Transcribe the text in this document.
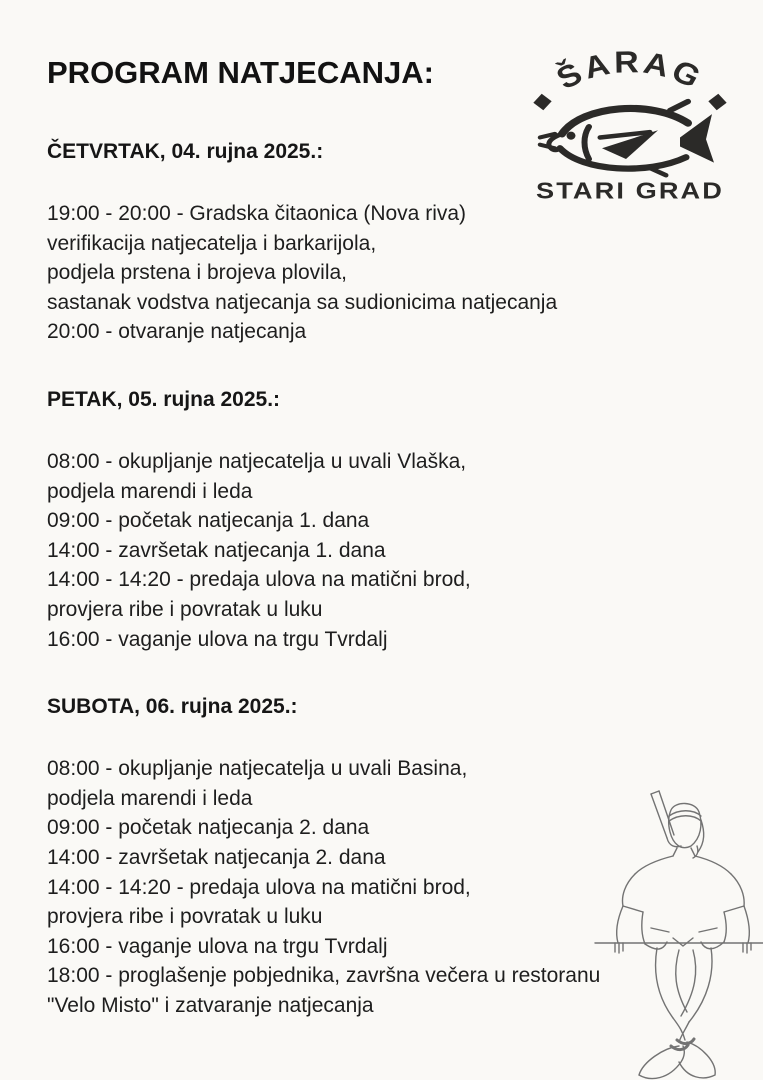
PROGRAM NATJECANJA:	ŠARAG
STARI GRAD
ČETVRTAK, 04. rujna 2025.:

19:00 - 20:00 - Gradska čitaonica (Nova riva)

verifikacija natjecatelja i barkarijola,

podjela prstena i brojeva plovila,

sastanak vodstva natjecanja sa sudionicima natjecanja

20:00 - otvaranje natjecanja

PETAK, 05. rujna 2025.:

08:00 - okupljanje natjecatelja u uvali Vlaška,

podjela marendi i leda

09:00 - početak natjecanja 1. dana

14:00 - završetak natjecanja 1. dana

14:00 - 14:20 - predaja ulova na matični brod,

provjera ribe i povratak u luku

16:00 - vaganje ulova na trgu Tvrdalj

SUBOTA, 06. rujna 2025.:

08:00 - okupljanje natjecatelja u uvali Basina,

podjela marendi i leda

09:00 - početak natjecanja 2. dana

14:00 - završetak natjecanja 2. dana

14:00 - 14:20 - predaja ulova na matični brod,

provjera ribe i povratak u luku

16:00 - vaganje ulova na trgu Tvrdalj

18:00 - proglašenje pobjednika, završna večera u restoranu

"Velo Misto" i zatvaranje natjecanja
